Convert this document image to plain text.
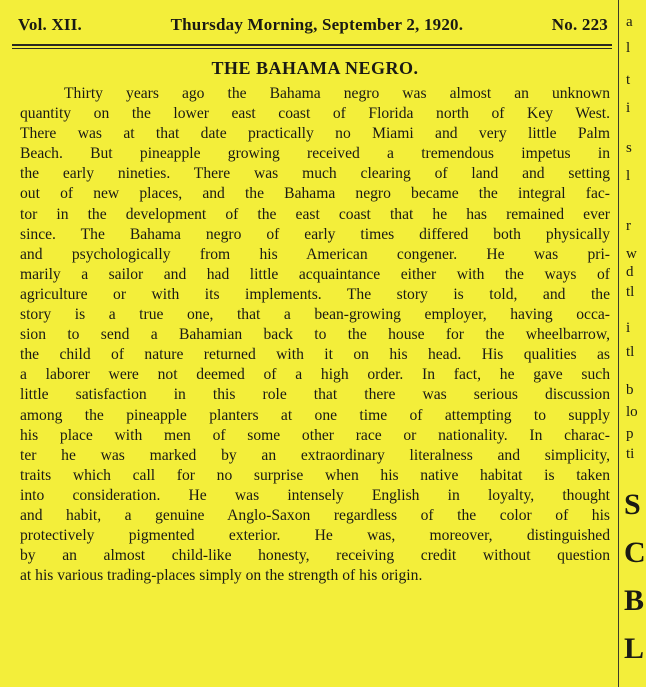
Vol. XII.	Thursday Morning, September 2, 1920.	No. 223
THE BAHAMA NEGRO.
Thirty years ago the Bahama negro was almost an unknown
quantity on the lower east coast of Florida north of Key West.
There was at that date practically no Miami and very little Palm
Beach. But pineapple growing received a tremendous impetus in
the early nineties. There was much clearing of land and setting
out of new places, and the Bahama negro became the integral fac-
tor in the development of the east coast that he has remained ever
since. The Bahama negro of early times differed both physically
and psychologically from his American congener. He was pri-
marily a sailor and had little acquaintance either with the ways of
agriculture or with its implements. The story is told, and the
story is a true one, that a bean-growing employer, having occa-
sion to send a Bahamian back to the house for the wheelbarrow,
the child of nature returned with it on his head. His qualities as
a laborer were not deemed of a high order. In fact, he gave such
little satisfaction in this role that there was serious discussion
among the pineapple planters at one time of attempting to supply
his place with men of some other race or nationality. In charac-
ter he was marked by an extraordinary literalness and simplicity,
traits which call for no surprise when his native habitat is taken
into consideration. He was intensely English in loyalty, thought
and habit, a genuine Anglo-Saxon regardless of the color of his
protectively pigmented exterior. He was, moreover, distinguished
by an almost child-like honesty, receiving credit without question
at his various trading-places simply on the strength of his origin.
a
l
t
i
s
l
r
w
d
tl
i
tl
b
lo
p
ti
S
C
B
L
